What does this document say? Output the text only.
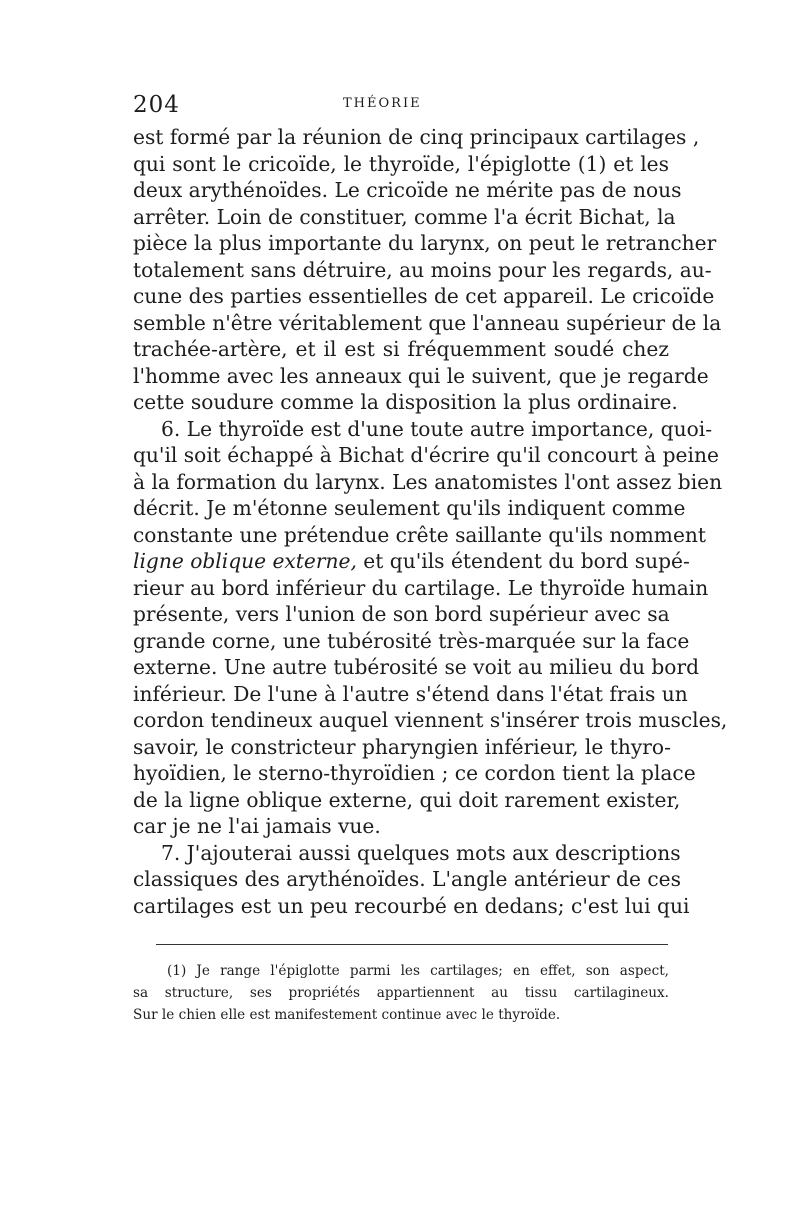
204	THÉORIE
est formé par la réunion de cinq principaux cartilages ,
qui sont le cricoïde, le thyroïde, l'épiglotte (1) et les
deux arythénoïdes. Le cricoïde ne mérite pas de nous
arrêter. Loin de constituer, comme l'a écrit Bichat, la
pièce la plus importante du larynx, on peut le retrancher
totalement sans détruire, au moins pour les regards, au-
cune des parties essentielles de cet appareil. Le cricoïde
semble n'être véritablement que l'anneau supérieur de la
trachée-artère, et il est si fréquemment soudé chez
l'homme avec les anneaux qui le suivent, que je regarde
cette soudure comme la disposition la plus ordinaire.
6. Le thyroïde est d'une toute autre importance, quoi-
qu'il soit échappé à Bichat d'écrire qu'il concourt à peine
à la formation du larynx. Les anatomistes l'ont assez bien
décrit. Je m'étonne seulement qu'ils indiquent comme
constante une prétendue crête saillante qu'ils nomment
ligne oblique externe, et qu'ils étendent du bord supé-
rieur au bord inférieur du cartilage. Le thyroïde humain
présente, vers l'union de son bord supérieur avec sa
grande corne, une tubérosité très-marquée sur la face
externe. Une autre tubérosité se voit au milieu du bord
inférieur. De l'une à l'autre s'étend dans l'état frais un
cordon tendineux auquel viennent s'insérer trois muscles,
savoir, le constricteur pharyngien inférieur, le thyro-
hyoïdien, le sterno-thyroïdien ; ce cordon tient la place
de la ligne oblique externe, qui doit rarement exister,
car je ne l'ai jamais vue.
7. J'ajouterai aussi quelques mots aux descriptions
classiques des arythénoïdes. L'angle antérieur de ces
cartilages est un peu recourbé en dedans; c'est lui qui
(1) Je range l'épiglotte parmi les cartilages; en effet, son aspect,
sa structure, ses propriétés appartiennent au tissu cartilagineux.
Sur le chien elle est manifestement continue avec le thyroïde.
